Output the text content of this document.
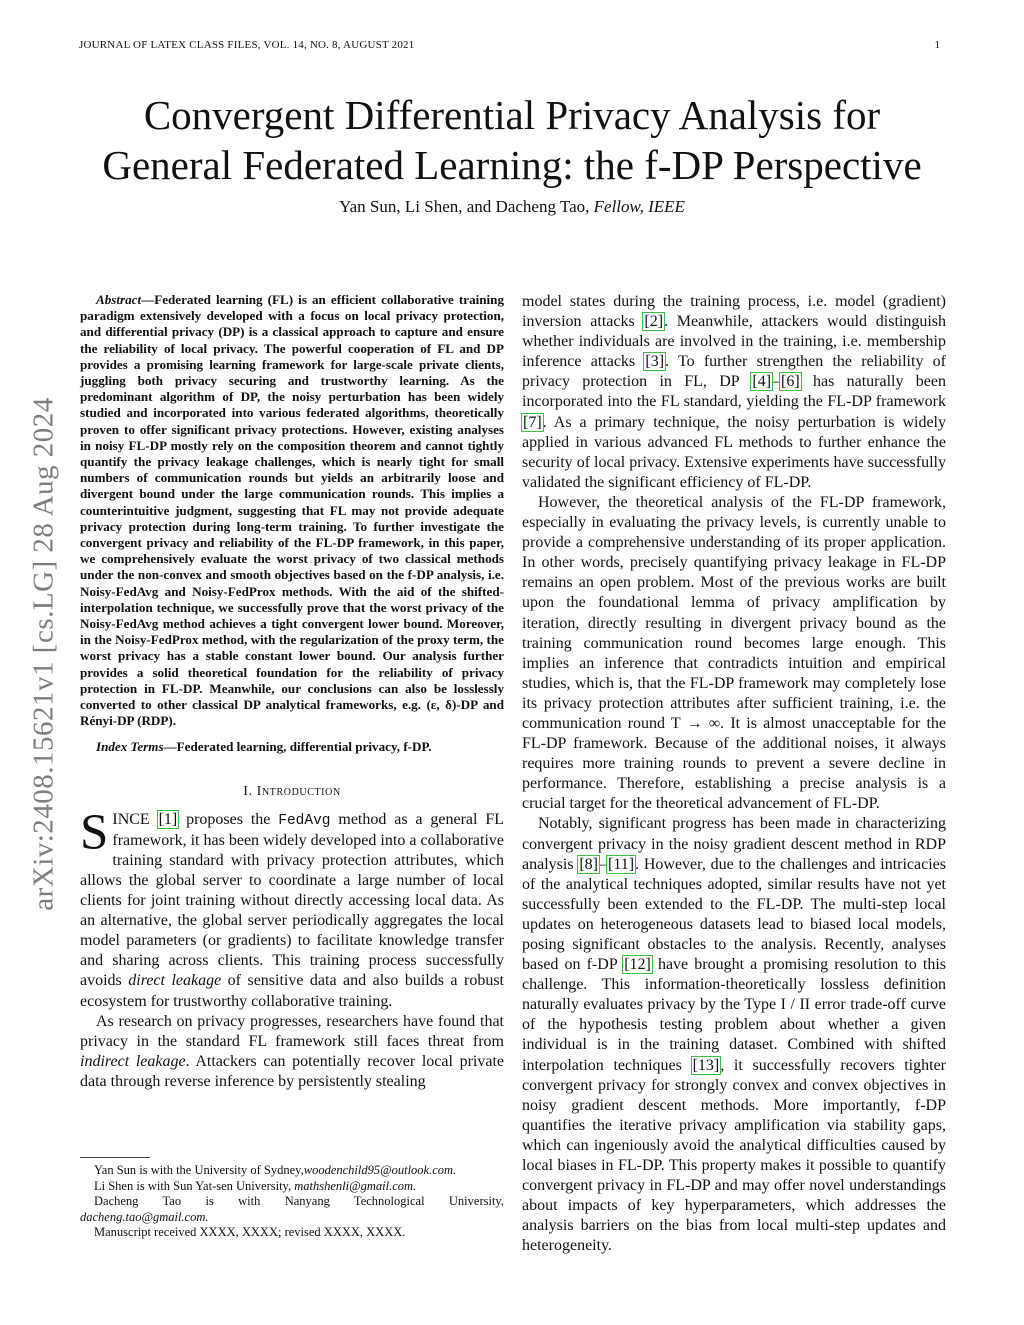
JOURNAL OF LATEX CLASS FILES, VOL. 14, NO. 8, AUGUST 2021	1
arXiv:2408.15621v1 [cs.LG] 28 Aug 2024
Convergent Differential Privacy Analysis for
General Federated Learning: the f-DP Perspective
Yan Sun, Li Shen, and Dacheng Tao, Fellow, IEEE

Abstract—Federated learning (FL) is an efficient collaborative training paradigm extensively developed with a focus on local privacy protection, and differential privacy (DP) is a classical approach to capture and ensure the reliability of local privacy. The powerful cooperation of FL and DP provides a promising learning framework for large-scale private clients, juggling both privacy securing and trustworthy learning. As the predominant algorithm of DP, the noisy perturbation has been widely studied and incorporated into various federated algorithms, theoretically proven to offer significant privacy protections. However, existing analyses in noisy FL-DP mostly rely on the composition theorem and cannot tightly quantify the privacy leakage challenges, which is nearly tight for small numbers of communication rounds but yields an arbitrarily loose and divergent bound under the large communication rounds. This implies a counterintuitive judgment, suggesting that FL may not provide adequate privacy protection during long-term training. To further investigate the convergent privacy and reliability of the FL-DP framework, in this paper, we comprehensively evaluate the worst privacy of two classical methods under the non-convex and smooth objectives based on the f-DP analysis, i.e. Noisy-FedAvg and Noisy-FedProx methods. With the aid of the shifted-interpolation technique, we successfully prove that the worst privacy of the Noisy-FedAvg method achieves a tight convergent lower bound. Moreover, in the Noisy-FedProx method, with the regularization of the proxy term, the worst privacy has a stable constant lower bound. Our analysis further provides a solid theoretical foundation for the reliability of privacy protection in FL-DP. Meanwhile, our conclusions can also be losslessly converted to other classical DP analytical frameworks, e.g. (ε, δ)-DP and Rényi-DP (RDP).

Index Terms—Federated learning, differential privacy, f-DP.

I. Introduction

SINCE [1] proposes the FedAvg method as a general FL framework, it has been widely developed into a collaborative training standard with privacy protection attributes, which allows the global server to coordinate a large number of local clients for joint training without directly accessing local data. As an alternative, the global server periodically aggregates the local model parameters (or gradients) to facilitate knowledge transfer and sharing across clients. This training process successfully avoids direct leakage of sensitive data and also builds a robust ecosystem for trustworthy collaborative training.

As research on privacy progresses, researchers have found that privacy in the standard FL framework still faces threat from indirect leakage. Attackers can potentially recover local private data through reverse inference by persistently stealing

Yan Sun is with the University of Sydney,woodenchild95@outlook.com.

Li Shen is with Sun Yat-sen University, mathshenli@gmail.com.

Dacheng Tao is with Nanyang Technological University, dacheng.tao@gmail.com.

Manuscript received XXXX, XXXX; revised XXXX, XXXX.

model states during the training process, i.e. model (gradient) inversion attacks [2]. Meanwhile, attackers would distinguish whether individuals are involved in the training, i.e. membership inference attacks [3]. To further strengthen the reliability of privacy protection in FL, DP [4]–[6] has naturally been incorporated into the FL standard, yielding the FL-DP framework [7]. As a primary technique, the noisy perturbation is widely applied in various advanced FL methods to further enhance the security of local privacy. Extensive experiments have successfully validated the significant efficiency of FL-DP.

However, the theoretical analysis of the FL-DP framework, especially in evaluating the privacy levels, is currently unable to provide a comprehensive understanding of its proper application. In other words, precisely quantifying privacy leakage in FL-DP remains an open problem. Most of the previous works are built upon the foundational lemma of privacy amplification by iteration, directly resulting in divergent privacy bound as the training communication round becomes large enough. This implies an inference that contradicts intuition and empirical studies, which is, that the FL-DP framework may completely lose its privacy protection attributes after sufficient training, i.e. the communication round T → ∞. It is almost unacceptable for the FL-DP framework. Because of the additional noises, it always requires more training rounds to prevent a severe decline in performance. Therefore, establishing a precise analysis is a crucial target for the theoretical advancement of FL-DP.

Notably, significant progress has been made in characterizing convergent privacy in the noisy gradient descent method in RDP analysis [8]–[11]. However, due to the challenges and intricacies of the analytical techniques adopted, similar results have not yet successfully been extended to the FL-DP. The multi-step local updates on heterogeneous datasets lead to biased local models, posing significant obstacles to the analysis. Recently, analyses based on f-DP [12] have brought a promising resolution to this challenge. This information-theoretically lossless definition naturally evaluates privacy by the Type I / II error trade-off curve of the hypothesis testing problem about whether a given individual is in the training dataset. Combined with shifted interpolation techniques [13], it successfully recovers tighter convergent privacy for strongly convex and convex objectives in noisy gradient descent methods. More importantly, f-DP quantifies the iterative privacy amplification via stability gaps, which can ingeniously avoid the analytical difficulties caused by local biases in FL-DP. This property makes it possible to quantify convergent privacy in FL-DP and may offer novel understandings about impacts of key hyperparameters, which addresses the analysis barriers on the bias from local multi-step updates and heterogeneity.
